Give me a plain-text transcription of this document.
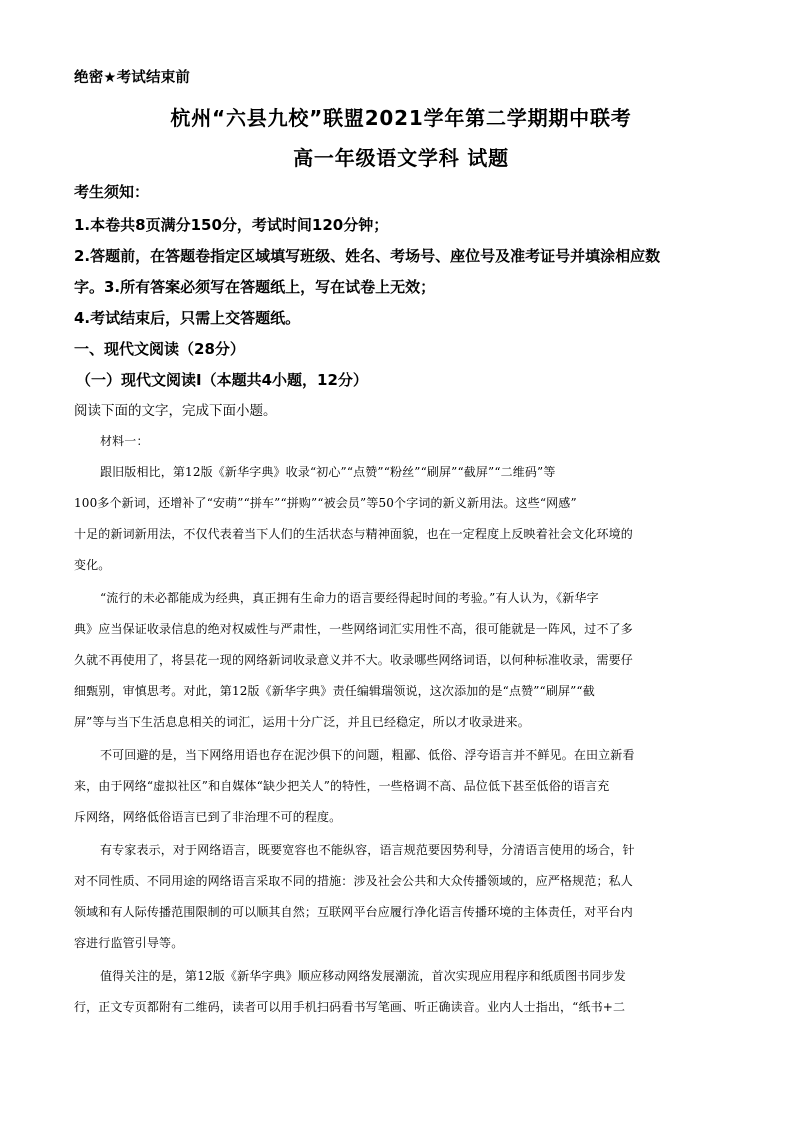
绝密★考试结束前
杭州“六县九校”联盟2021学年第二学期期中联考
高一年级语文学科 试题
考生须知：
1.本卷共8页满分150分，考试时间120分钟；
2.答题前，在答题卷指定区域填写班级、姓名、考场号、座位号及准考证号并填涂相应数
字。3.所有答案必须写在答题纸上，写在试卷上无效；
4.考试结束后，只需上交答题纸。
一、现代文阅读（28分）
（一）现代文阅读Ⅰ（本题共4小题，12分）
阅读下面的文字，完成下面小题。
材料一：
跟旧版相比，第12版《新华字典》收录“初心”“点赞”“粉丝”“刷屏”“截屏”“二维码”等
100多个新词，还增补了“安萌”“拼车”“拼购”“被会员”等50个字词的新义新用法。这些“网感”
十足的新词新用法，不仅代表着当下人们的生活状态与精神面貌，也在一定程度上反映着社会文化环境的
变化。
“流行的未必都能成为经典，真正拥有生命力的语言要经得起时间的考验。”有人认为，《新华字
典》应当保证收录信息的绝对权威性与严肃性，一些网络词汇实用性不高，很可能就是一阵风，过不了多
久就不再使用了，将昙花一现的网络新词收录意义并不大。收录哪些网络词语，以何种标准收录，需要仔
细甄别，审慎思考。对此，第12版《新华字典》责任编辑瑞领说，这次添加的是“点赞”“刷屏”“截
屏”等与当下生活息息相关的词汇，运用十分广泛，并且已经稳定，所以才收录进来。
不可回避的是，当下网络用语也存在泥沙俱下的问题，粗鄙、低俗、浮夸语言并不鲜见。在田立新看
来，由于网络“虚拟社区”和自媒体“缺少把关人”的特性，一些格调不高、品位低下甚至低俗的语言充
斥网络，网络低俗语言已到了非治理不可的程度。
有专家表示，对于网络语言，既要宽容也不能纵容，语言规范要因势利导，分清语言使用的场合，针
对不同性质、不同用途的网络语言采取不同的措施：涉及社会公共和大众传播领域的，应严格规范；私人
领域和有人际传播范围限制的可以顺其自然；互联网平台应履行净化语言传播环境的主体责任，对平台内
容进行监管引导等。
值得关注的是，第12版《新华字典》顺应移动网络发展潮流，首次实现应用程序和纸质图书同步发
行，正文专页都附有二维码，读者可以用手机扫码看书写笔画、听正确读音。业内人士指出，“纸书+二
